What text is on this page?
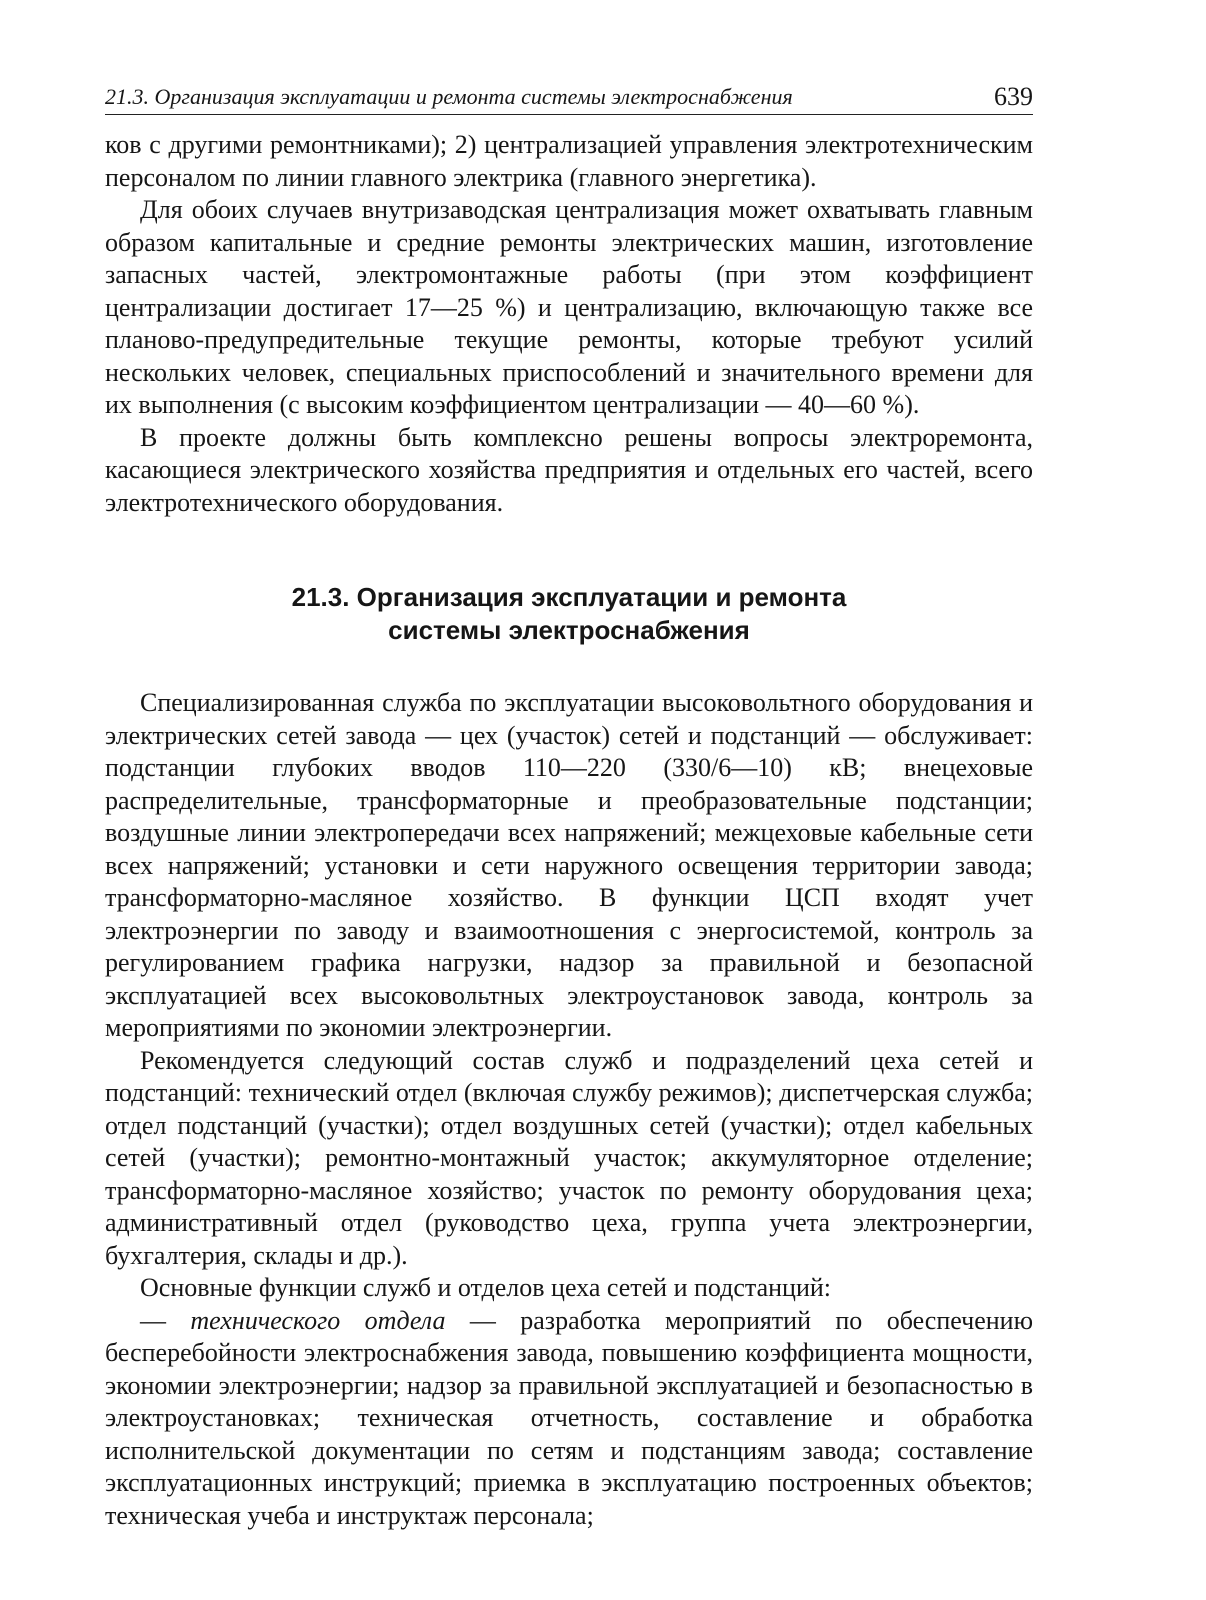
21.3. Организация эксплуатации и ремонта системы электроснабжения	639

ков с другими ремонтниками); 2) централизацией управления электротехническим персоналом по линии главного электрика (главного энергетика).

Для обоих случаев внутризаводская централизация может охватывать главным образом капитальные и средние ремонты электрических машин, изготовление запасных частей, электромонтажные работы (при этом коэффициент централизации достигает 17—25 %) и централизацию, включающую также все планово-предупредительные текущие ремонты, которые требуют усилий нескольких человек, специальных приспособлений и значительного времени для их выполнения (с высоким коэффициентом централизации — 40—60 %).

В проекте должны быть комплексно решены вопросы электроремонта, касающиеся электрического хозяйства предприятия и отдельных его частей, всего электротехнического оборудования.

21.3. Организация эксплуатации и ремонта
системы электроснабжения

Специализированная служба по эксплуатации высоковольтного оборудования и электрических сетей завода — цех (участок) сетей и подстанций — обслуживает: подстанции глубоких вводов 110—220 (330/6—10) кВ; внецеховые распределительные, трансформаторные и преобразовательные подстанции; воздушные линии электропередачи всех напряжений; межцеховые кабельные сети всех напряжений; установки и сети наружного освещения территории завода; трансформаторно-масляное хозяйство. В функции ЦСП входят учет электроэнергии по заводу и взаимоотношения с энергосистемой, контроль за регулированием графика нагрузки, надзор за правильной и безопасной эксплуатацией всех высоковольтных электроустановок завода, контроль за мероприятиями по экономии электроэнергии.

Рекомендуется следующий состав служб и подразделений цеха сетей и подстанций: технический отдел (включая службу режимов); диспетчерская служба; отдел подстанций (участки); отдел воздушных сетей (участки); отдел кабельных сетей (участки); ремонтно-монтажный участок; аккумуляторное отделение; трансформаторно-масляное хозяйство; участок по ремонту оборудования цеха; административный отдел (руководство цеха, группа учета электроэнергии, бухгалтерия, склады и др.).

Основные функции служб и отделов цеха сетей и подстанций:

— технического отдела — разработка мероприятий по обеспечению бесперебойности электроснабжения завода, повышению коэффициента мощности, экономии электроэнергии; надзор за правильной эксплуатацией и безопасностью в электроустановках; техническая отчетность, составление и обработка исполнительской документации по сетям и подстанциям завода; составление эксплуатационных инструкций; приемка в эксплуатацию построенных объектов; техническая учеба и инструктаж персонала;
